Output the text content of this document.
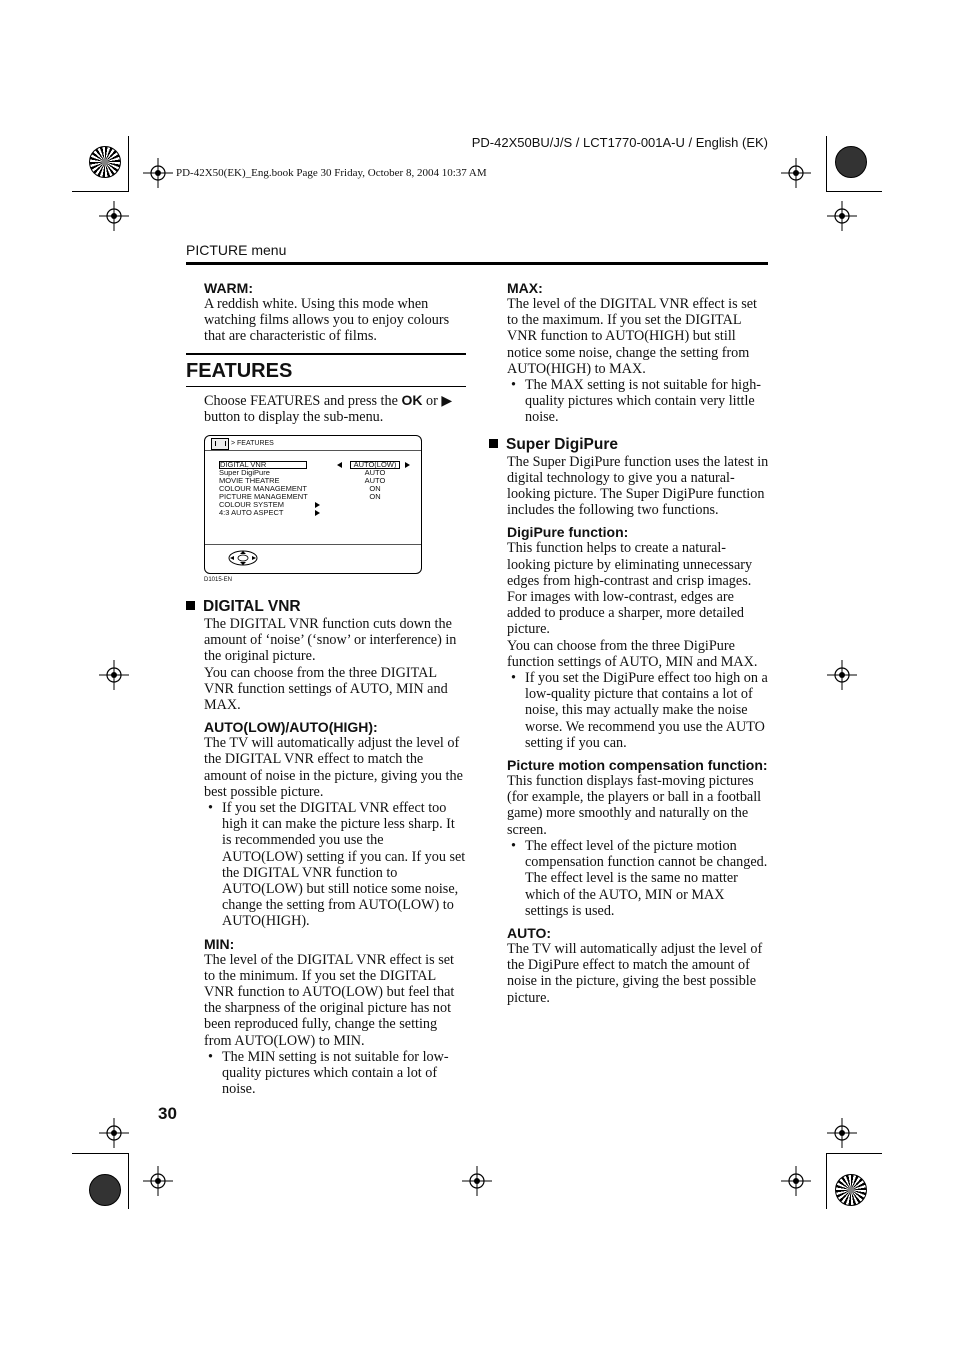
PD-42X50BU/J/S / LCT1770-001A-U / English (EK)
PD-42X50(EK)_Eng.book Page 30 Friday, October 8, 2004 10:37 AM
PICTURE menu

WARM:

A reddish white. Using this mode when watching films allows you to enjoy colours that are characteristic of films.

FEATURES

Choose FEATURES and press the OK or ▶ button to display the sub-menu.

> FEATURES
DIGITAL VNR
Super DigiPure
MOVIE THEATRE
COLOUR MANAGEMENT
PICTURE MANAGEMENT
COLOUR SYSTEM
4:3 AUTO ASPECT
AUTO(LOW)
AUTO
AUTO
ON
ON
D1015-EN

DIGITAL VNR

The DIGITAL VNR function cuts down the amount of ‘noise’ (‘snow’ or interference) in the original picture.

You can choose from the three DIGITAL VNR function settings of AUTO, MIN and MAX.

AUTO(LOW)/AUTO(HIGH):

The TV will automatically adjust the level of the DIGITAL VNR effect to match the amount of noise in the picture, giving you the best possible picture.

• If you set the DIGITAL VNR effect too high it can make the picture less sharp. It is recommended you use the AUTO(LOW) setting if you can. If you set the DIGITAL VNR function to AUTO(LOW) but still notice some noise, change the setting from AUTO(LOW) to AUTO(HIGH).

MIN:

The level of the DIGITAL VNR effect is set to the minimum. If you set the DIGITAL VNR function to AUTO(LOW) but feel that the sharpness of the original picture has not been reproduced fully, change the setting from AUTO(LOW) to MIN.

• The MIN setting is not suitable for low-quality pictures which contain a lot of noise.

MAX:

The level of the DIGITAL VNR effect is set to the maximum. If you set the DIGITAL VNR function to AUTO(HIGH) but still notice some noise, change the setting from AUTO(HIGH) to MAX.

• The MAX setting is not suitable for high-quality pictures which contain very little noise.

Super DigiPure

The Super DigiPure function uses the latest in digital technology to give you a natural-looking picture. The Super DigiPure function includes the following two functions.

DigiPure function:

This function helps to create a natural-looking picture by eliminating unnecessary edges from high-contrast and crisp images. For images with low-contrast, edges are added to produce a sharper, more detailed picture.

You can choose from the three DigiPure function settings of AUTO, MIN and MAX.

• If you set the DigiPure effect too high on a low-quality picture that contains a lot of noise, this may actually make the noise worse. We recommend you use the AUTO setting if you can.

Picture motion compensation function:

This function displays fast-moving pictures (for example, the players or ball in a football game) more smoothly and naturally on the screen.

• The effect level of the picture motion compensation function cannot be changed. The effect level is the same no matter which of the AUTO, MIN or MAX settings is used.

AUTO:

The TV will automatically adjust the level of the DigiPure effect to match the amount of noise in the picture, giving the best possible picture.

30
